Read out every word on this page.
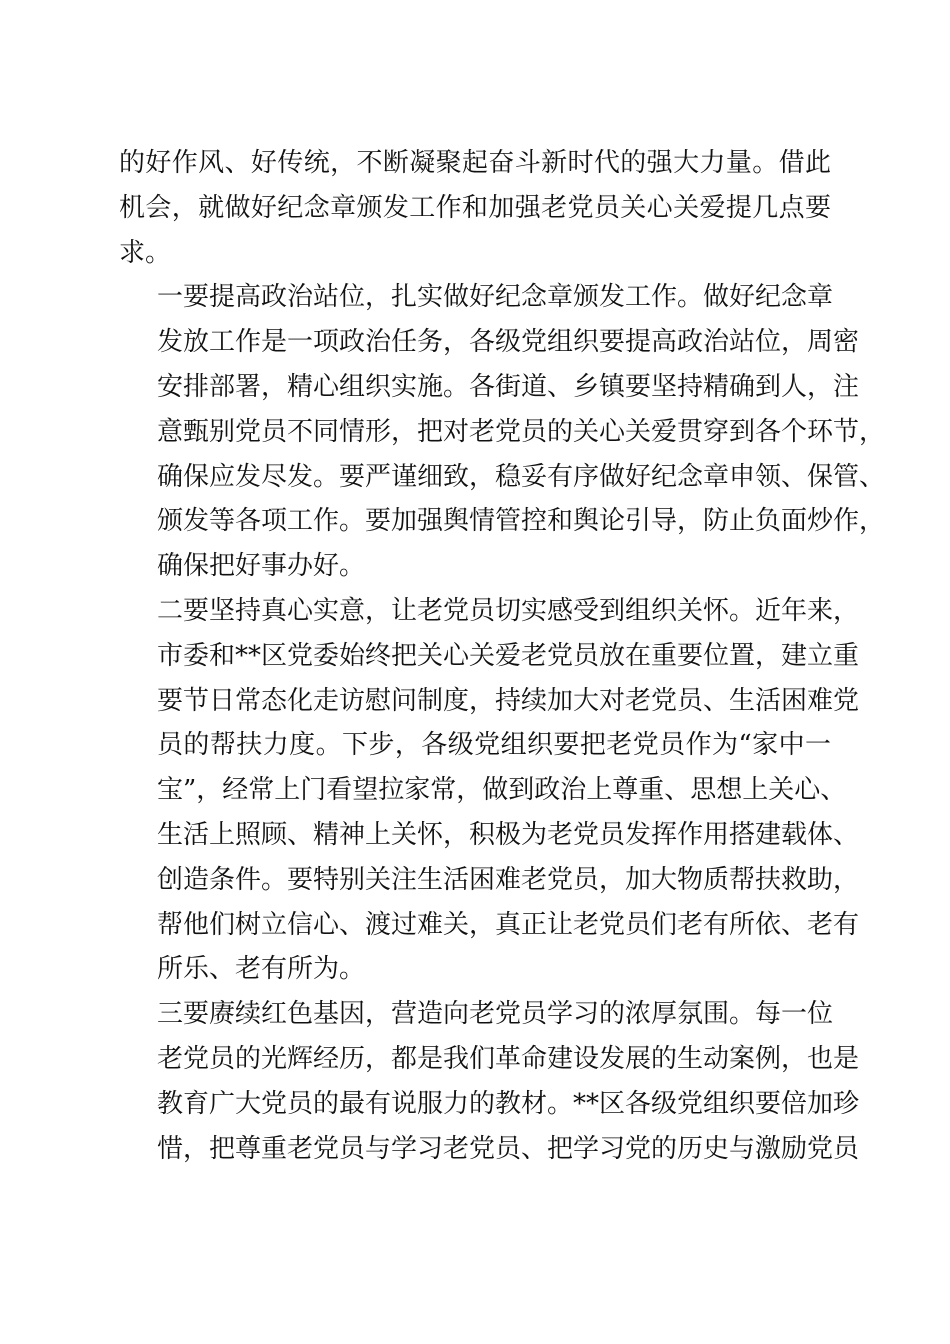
的好作风、好传统，不断凝聚起奋斗新时代的强大力量。借此
机会，就做好纪念章颁发工作和加强老党员关心关爱提几点要
求。
一要提高政治站位，扎实做好纪念章颁发工作。做好纪念章
发放工作是一项政治任务，各级党组织要提高政治站位，周密
安排部署，精心组织实施。各街道、乡镇要坚持精确到人，注
意甄别党员不同情形，把对老党员的关心关爱贯穿到各个环节，
确保应发尽发。要严谨细致，稳妥有序做好纪念章申领、保管、
颁发等各项工作。要加强舆情管控和舆论引导，防止负面炒作，
确保把好事办好。
二要坚持真心实意，让老党员切实感受到组织关怀。近年来，
市委和**区党委始终把关心关爱老党员放在重要位置，建立重
要节日常态化走访慰问制度，持续加大对老党员、生活困难党
员的帮扶力度。下步，各级党组织要把老党员作为“家中一
宝”，经常上门看望拉家常，做到政治上尊重、思想上关心、
生活上照顾、精神上关怀，积极为老党员发挥作用搭建载体、
创造条件。要特别关注生活困难老党员，加大物质帮扶救助，
帮他们树立信心、渡过难关，真正让老党员们老有所依、老有
所乐、老有所为。
三要赓续红色基因，营造向老党员学习的浓厚氛围。每一位
老党员的光辉经历，都是我们革命建设发展的生动案例，也是
教育广大党员的最有说服力的教材。**区各级党组织要倍加珍
惜，把尊重老党员与学习老党员、把学习党的历史与激励党员
